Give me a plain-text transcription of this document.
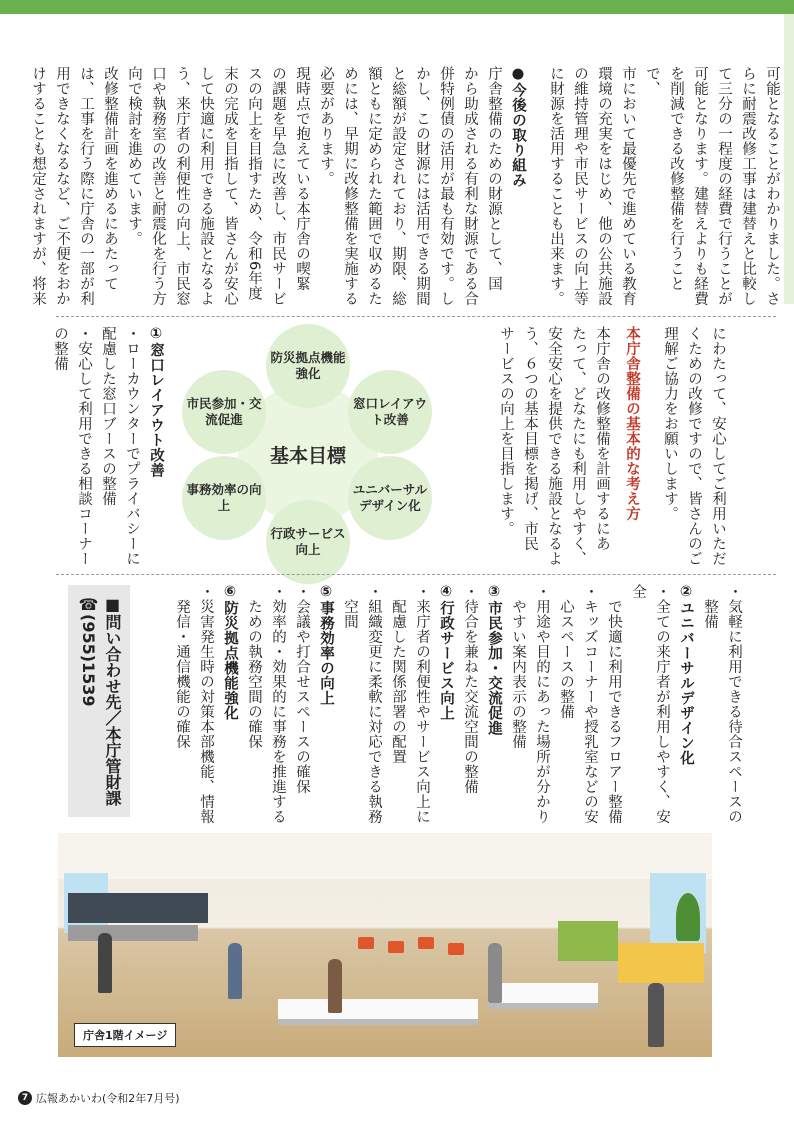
可能となることがわかりました。さ

らに耐震改修工事は建替えと比較し

て三分の一程度の経費で行うことが

可能となります。建替えよりも経費

を削減できる改修整備を行うことで、

市において最優先で進めている教育

環境の充実をはじめ、他の公共施設

の維持管理や市民サービスの向上等

に財源を活用することも出来ます。

●今後の取り組み

庁舎整備のための財源として、国

から助成される有利な財源である合

併特例債の活用が最も有効です。し

かし、この財源には活用できる期間

と総額が設定されており、期限、総

額ともに定められた範囲で収めるた

めには、早期に改修整備を実施する

必要があります。

現時点で抱えている本庁舎の喫緊

の課題を早急に改善し、市民サービ

スの向上を目指すため、令和6年度

末の完成を目指して、皆さんが安心

して快適に利用できる施設となるよ

う、来庁者の利便性の向上、市民窓

口や執務室の改善と耐震化を行う方

向で検討を進めています。

改修整備計画を進めるにあたって

は、工事を行う際に庁舎の一部が利

用できなくなるなど、ご不便をおか

けすることも想定されますが、将来

にわたって、安心してご利用いただ

くための改修ですので、皆さんのご

理解ご協力をお願いします。

本庁舎整備の基本的な考え方

本庁舎の改修整備を計画するにあ

たって、どなたにも利用しやすく、

安全安心を提供できる施設となるよ

う、６つの基本目標を掲げ、市民

サービスの向上を目指します。

基本目標
防災拠点機能強化
窓口レイアウト改善
ユニバーサルデザイン化
行政サービス向上
事務効率の向上
市民参加・交流促進

①窓口レイアウト改善

・ローカウンターでプライバシーに配慮した窓口ブースの整備

・安心して利用できる相談コーナーの整備

・気軽に利用できる待合スペースの

　整備

②ユニバーサルデザイン化

・全ての来庁者が利用しやすく、安全

　で快適に利用できるフロアー整備

・キッズコーナーや授乳室などの安

　心スペースの整備

・用途や目的にあった場所が分かり

　やすい案内表示の整備

③市民参加・交流促進

・待合を兼ねた交流空間の整備

④行政サービス向上

・来庁者の利便性やサービス向上に

　配慮した関係部署の配置

・組織変更に柔軟に対応できる執務

　空間

⑤事務効率の向上

・会議や打合せスペースの確保

・効率的・効果的に事務を推進する

　ための執務空間の確保

⑥防災拠点機能強化

・災害発生時の対策本部機能、情報

　発信・通信機能の確保

■問い合わせ先／本庁管財課

☎(955)1539

庁舎1階イメージ
7 広報あかいわ(令和2年7月号)
